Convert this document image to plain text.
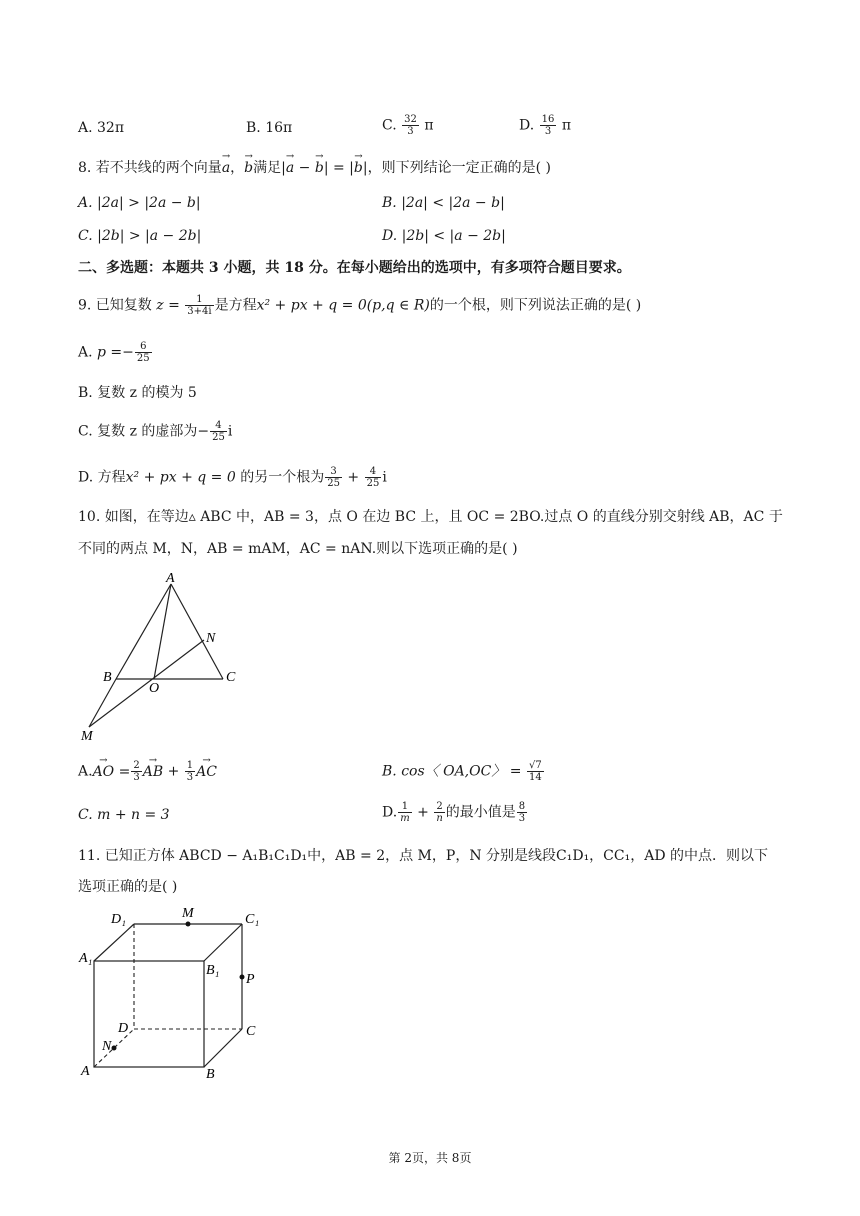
A. 32π	B. 16π	C. $\frac{32}{3}$ π	D. $\frac{16}{3}$ π
8. 若不共线的两个向量→ a，→ b满足|→ a − → b| = |→ b|，则下列结论一定正确的是( )
A. |2a| > |2a − b|	B. |2a| < |2a − b|
C. |2b| > |a − 2b|	D. |2b| < |a − 2b|
二、多选题：本题共 3 小题，共 18 分。在每小题给出的选项中，有多项符合题目要求。
9. 已知复数 $z = \frac{1}{3+4i}$ 是方程x² + px + q = 0(p,q ∈ R)的一个根，则下列说法正确的是( )
A. $p =- \frac{6}{25}$
B. 复数 z 的模为 5
C. 复数 z 的虚部为− $\frac{4}{25}$ i
D. 方程x² + px + q = 0 的另一个根为 $\frac{3}{25} + \frac{4}{25}$ i
10. 如图，在等边▵ ABC 中，AB = 3，点 O 在边 BC 上，且 OC = 2BO.过点 O 的直线分别交射线 AB，AC 于
不同的两点 M，N，AB = mAM，AC = nAN.则以下选项正确的是( )
A
B	C
O
N
M
A.→ AO = $\frac{2}{3}$ → AB + $\frac{1}{3}$ → AC	B. cos〈 OA,OC〉 = $\frac{√7}{14}$
C. m + n = 3	D. $\frac{1}{m} + \frac{2}{n}$ 的最小值是 $\frac{8}{3}$
11. 已知正方体 ABCD − A₁B₁C₁D₁中，AB = 2，点 M，P，N 分别是线段C₁D₁，CC₁，AD 的中点．则以下
选项正确的是( )
D₁	M	C₁
A₁
B₁
P
D	C
N
A	B
第 2页，共 8页
